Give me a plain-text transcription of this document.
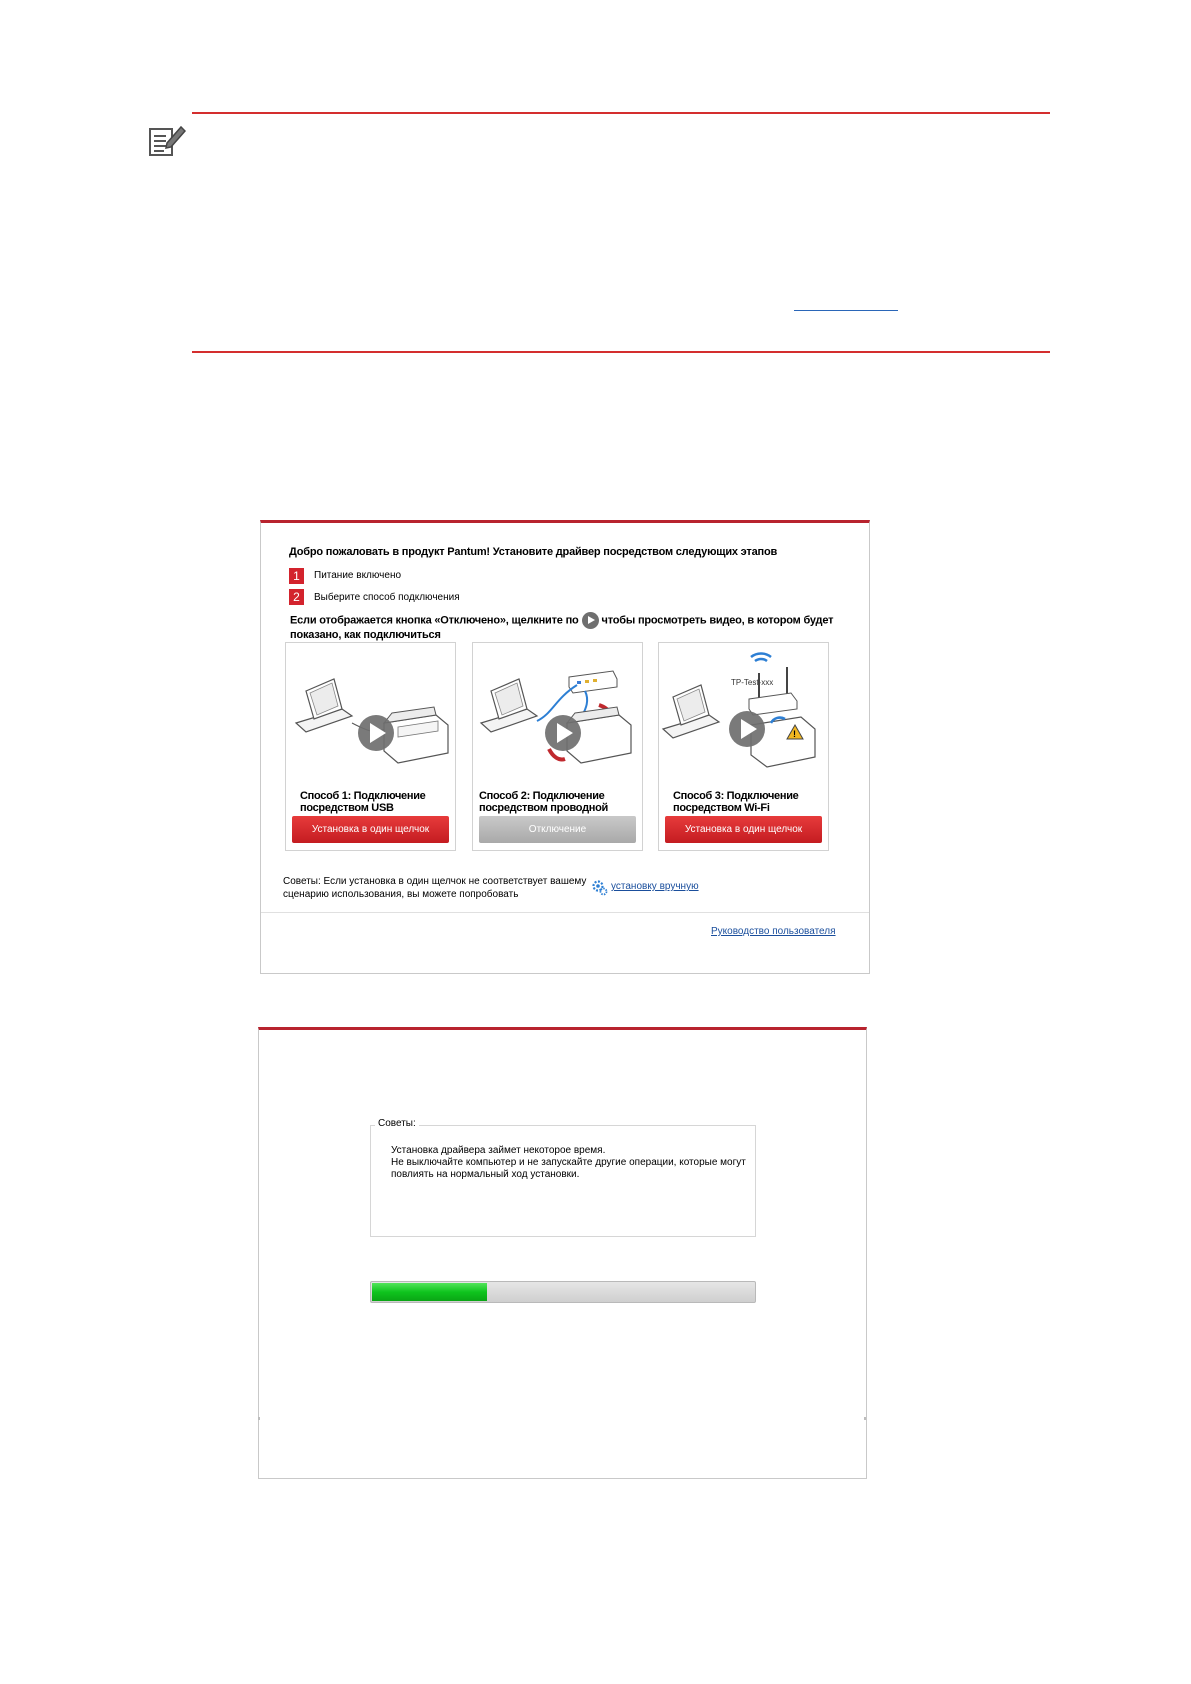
Добро пожаловать в продукт Pantum! Установите драйвер посредством следующих этапов
1	Питание включено
2	Выберите способ подключения
Если отображается кнопка «Отключено», щелкните по чтобы просмотреть видео, в котором будет показано, как подключиться
Способ 1: Подключение посредством USB
Установка в один щелчок
Способ 2: Подключение посредством проводной
Отключение
TP-Test-xxx
!
Способ 3: Подключение посредством Wi-Fi
Установка в один щелчок
Советы: Если установка в один щелчок не соответствует вашему сценарию использования, вы можете попробовать
установку вручную
Руководство пользователя
Советы:
Установка драйвера займет некоторое время.
Не выключайте компьютер и не запускайте другие операции, которые могут повлиять на нормальный ход установки.
